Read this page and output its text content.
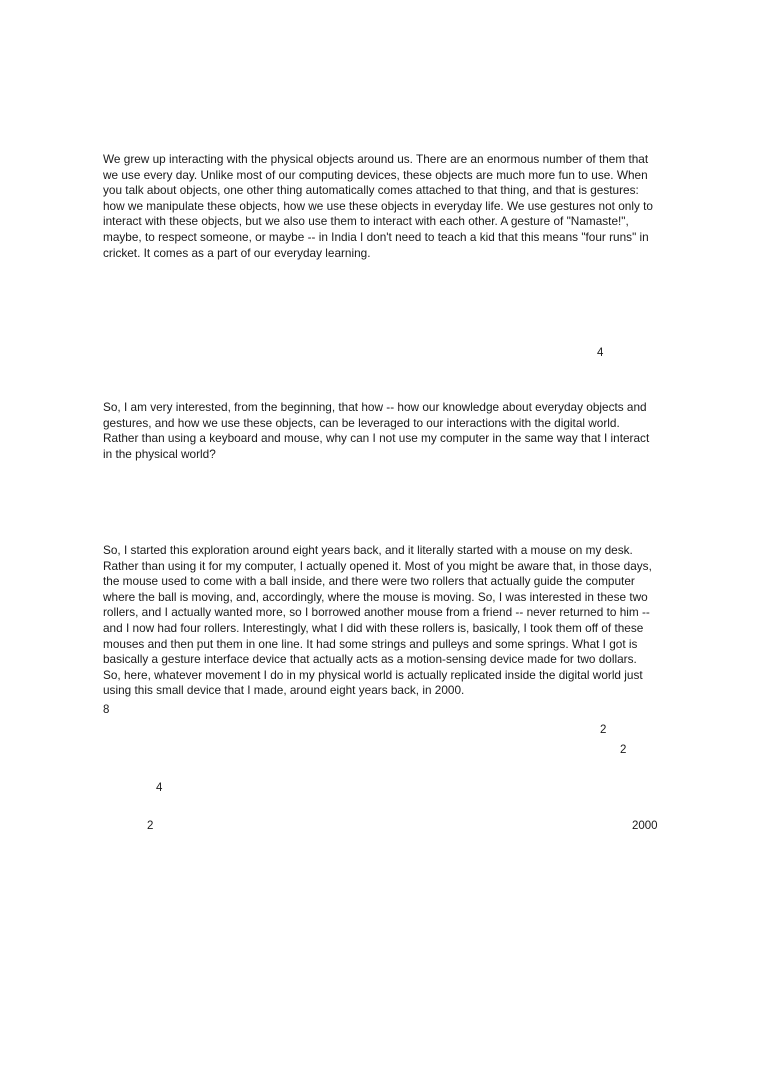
We grew up interacting with the physical objects around us. There are an enormous number of them that
we use every day. Unlike most of our computing devices, these objects are much more fun to use. When
you talk about objects, one other thing automatically comes attached to that thing, and that is gestures:
how we manipulate these objects, how we use these objects in everyday life. We use gestures not only to
interact with these objects, but we also use them to interact with each other. A gesture of "Namaste!",
maybe, to respect someone, or maybe -- in India I don't need to teach a kid that this means "four runs" in
cricket. It comes as a part of our everyday learning.
4
So, I am very interested, from the beginning, that how -- how our knowledge about everyday objects and
gestures, and how we use these objects, can be leveraged to our interactions with the digital world.
Rather than using a keyboard and mouse, why can I not use my computer in the same way that I interact
in the physical world?
So, I started this exploration around eight years back, and it literally started with a mouse on my desk.
Rather than using it for my computer, I actually opened it. Most of you might be aware that, in those days,
the mouse used to come with a ball inside, and there were two rollers that actually guide the computer
where the ball is moving, and, accordingly, where the mouse is moving. So, I was interested in these two
rollers, and I actually wanted more, so I borrowed another mouse from a friend -- never returned to him --
and I now had four rollers. Interestingly, what I did with these rollers is, basically, I took them off of these
mouses and then put them in one line. It had some strings and pulleys and some springs. What I got is
basically a gesture interface device that actually acts as a motion-sensing device made for two dollars.
So, here, whatever movement I do in my physical world is actually replicated inside the digital world just
using this small device that I made, around eight years back, in 2000.
8
2
2
4
2	2000
